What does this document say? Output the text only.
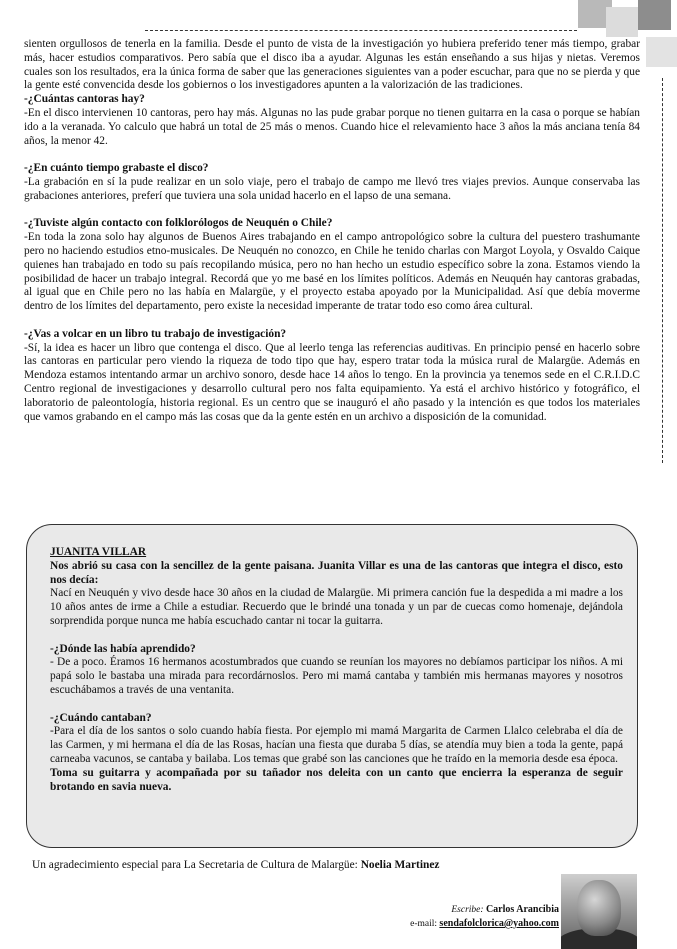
sienten orgullosos de tenerla en la familia. Desde el punto de vista de la investigación yo hubiera preferido tener más tiempo, grabar más, hacer estudios comparativos. Pero sabía que el disco iba a ayudar. Algunas les están enseñando a sus hijas y nietas. Veremos cuales son los resultados, era la única forma de saber que las generaciones siguientes van a poder escuchar, para que no se pierda y que la gente esté convencida desde los gobiernos o los investigadores apunten a la valorización de las tradiciones.

-¿Cuántas cantoras hay?

-En el disco intervienen 10 cantoras, pero hay más. Algunas no las pude grabar porque no tienen guitarra en la casa o porque se habían ido a la veranada. Yo calculo que habrá un total de 25 más o menos. Cuando hice el relevamiento hace 3 años la más anciana tenía 84 años, la menor 42.

-¿En cuánto tiempo grabaste el disco?

-La grabación en sí la pude realizar en un solo viaje, pero el trabajo de campo me llevó tres viajes previos. Aunque conservaba las grabaciones anteriores, preferí que tuviera una sola unidad hacerlo en el lapso de una semana.

-¿Tuviste algún contacto con folklorólogos de Neuquén o Chile?

-En toda la zona solo hay algunos de Buenos Aires trabajando en el campo antropológico sobre la cultura del puestero trashumante pero no haciendo estudios etno-musicales. De Neuquén no conozco, en Chile he tenido charlas con Margot Loyola, y Osvaldo Caique quienes han trabajado en todo su país recopilando música, pero no han hecho un estudio específico sobre la zona. Estamos viendo la posibilidad de hacer un trabajo integral. Recordá que yo me basé en los límites políticos. Además en Neuquén hay cantoras grabadas, al igual que en Chile pero no las había en Malargüe, y el proyecto estaba apoyado por la Municipalidad. Así que debía moverme dentro de los límites del departamento, pero existe la necesidad imperante de tratar todo eso como área cultural.

-¿Vas a volcar en un libro tu trabajo de investigación?

-Sí, la idea es hacer un libro que contenga el disco. Que al leerlo tenga las referencias auditivas. En principio pensé en hacerlo sobre las cantoras en particular pero viendo la riqueza de todo tipo que hay, espero tratar toda la música rural de Malargüe. Además en Mendoza estamos intentando armar un archivo sonoro, desde hace 14 años lo tengo. En la provincia ya tenemos sede en el C.R.I.D.C Centro regional de investigaciones y desarrollo cultural pero nos falta equipamiento. Ya está el archivo histórico y fotográfico, el laboratorio de paleontología, historia regional. Es un centro que se inauguró el año pasado y la intención es que todos los materiales que vamos grabando en el campo más las cosas que da la gente estén en un archivo a disposición de la comunidad.

JUANITA VILLAR

Nos abrió su casa con la sencillez de la gente paisana. Juanita Villar es una de las cantoras que integra el disco, esto nos decía:

Nací en Neuquén y vivo desde hace 30 años en la ciudad de Malargüe. Mi primera canción fue la despedida a mi madre a los 10 años antes de irme a Chile a estudiar. Recuerdo que le brindé una tonada y un par de cuecas como homenaje, dejándola sorprendida porque nunca me había escuchado cantar ni tocar la guitarra.

-¿Dónde las había aprendido?

- De a poco. Éramos 16 hermanos acostumbrados que cuando se reunían los mayores no debíamos participar los niños. A mi papá solo le bastaba una mirada para recordárnoslos. Pero mi mamá cantaba y también mis hermanas mayores y nosotros escuchábamos a través de una ventanita.

-¿Cuándo cantaban?

-Para el día de los santos o solo cuando había fiesta. Por ejemplo mi mamá Margarita de Carmen Llalco celebraba el día de las Carmen, y mi hermana el día de las Rosas, hacían una fiesta que duraba 5 días, se atendía muy bien a toda la gente, papá carneaba vacunos, se cantaba y bailaba. Los temas que grabé son las canciones que he traído en la memoria desde esa época.

Toma su guitarra y acompañada por su tañador nos deleita con un canto que encierra la esperanza de seguir brotando en savia nueva.

Un agradecimiento especial para La Secretaria de Cultura de Malargüe: Noelia Martinez
Escribe: Carlos Arancibia
e-mail: sendafolclorica@yahoo.com
